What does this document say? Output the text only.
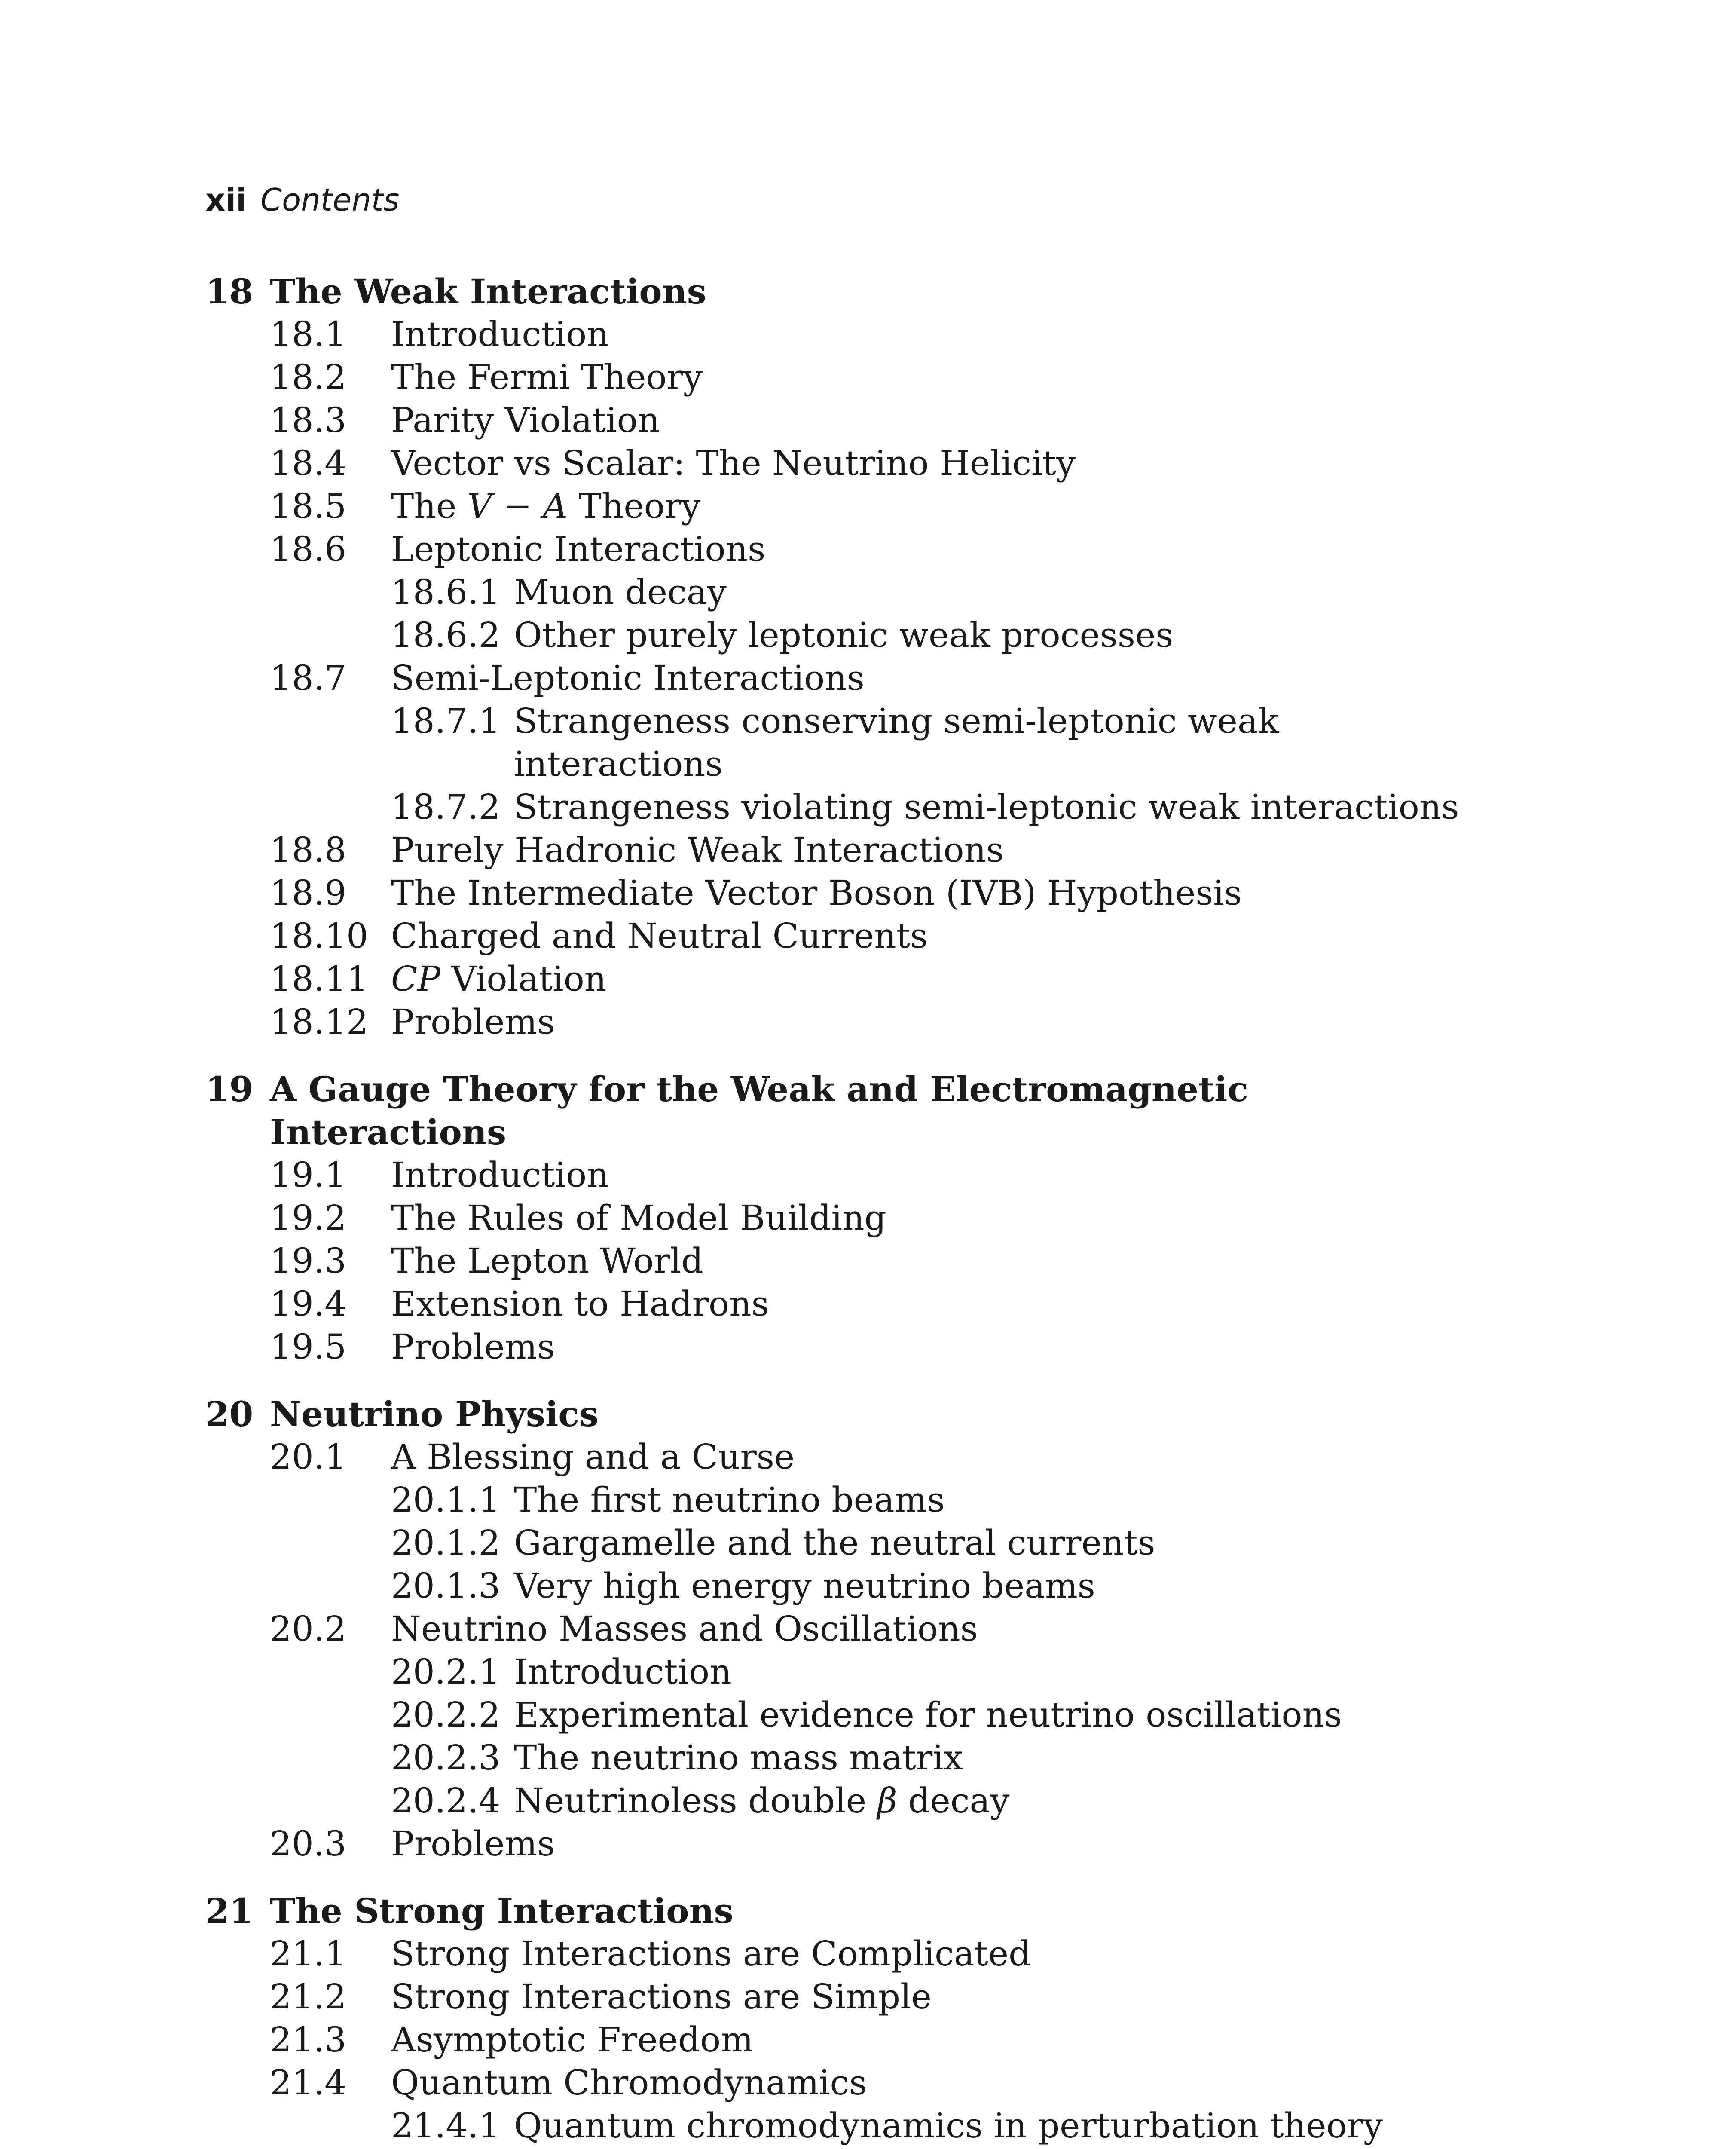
xii Contents
18 The Weak Interactions
18.1 Introduction
18.2 The Fermi Theory
18.3 Parity Violation
18.4 Vector vs Scalar: The Neutrino Helicity
18.5 The V − A Theory
18.6 Leptonic Interactions
18.6.1 Muon decay
18.6.2 Other purely leptonic weak processes
18.7 Semi-Leptonic Interactions
18.7.1 Strangeness conserving semi-leptonic weak
interactions
18.7.2 Strangeness violating semi-leptonic weak interactions
18.8 Purely Hadronic Weak Interactions
18.9 The Intermediate Vector Boson (IVB) Hypothesis
18.10 Charged and Neutral Currents
18.11 CP Violation
18.12 Problems
19 A Gauge Theory for the Weak and Electromagnetic
Interactions
19.1 Introduction
19.2 The Rules of Model Building
19.3 The Lepton World
19.4 Extension to Hadrons
19.5 Problems
20 Neutrino Physics
20.1 A Blessing and a Curse
20.1.1 The first neutrino beams
20.1.2 Gargamelle and the neutral currents
20.1.3 Very high energy neutrino beams
20.2 Neutrino Masses and Oscillations
20.2.1 Introduction
20.2.2 Experimental evidence for neutrino oscillations
20.2.3 The neutrino mass matrix
20.2.4 Neutrinoless double β decay
20.3 Problems
21 The Strong Interactions
21.1 Strong Interactions are Complicated
21.2 Strong Interactions are Simple
21.3 Asymptotic Freedom
21.4 Quantum Chromodynamics
21.4.1 Quantum chromodynamics in perturbation theory
